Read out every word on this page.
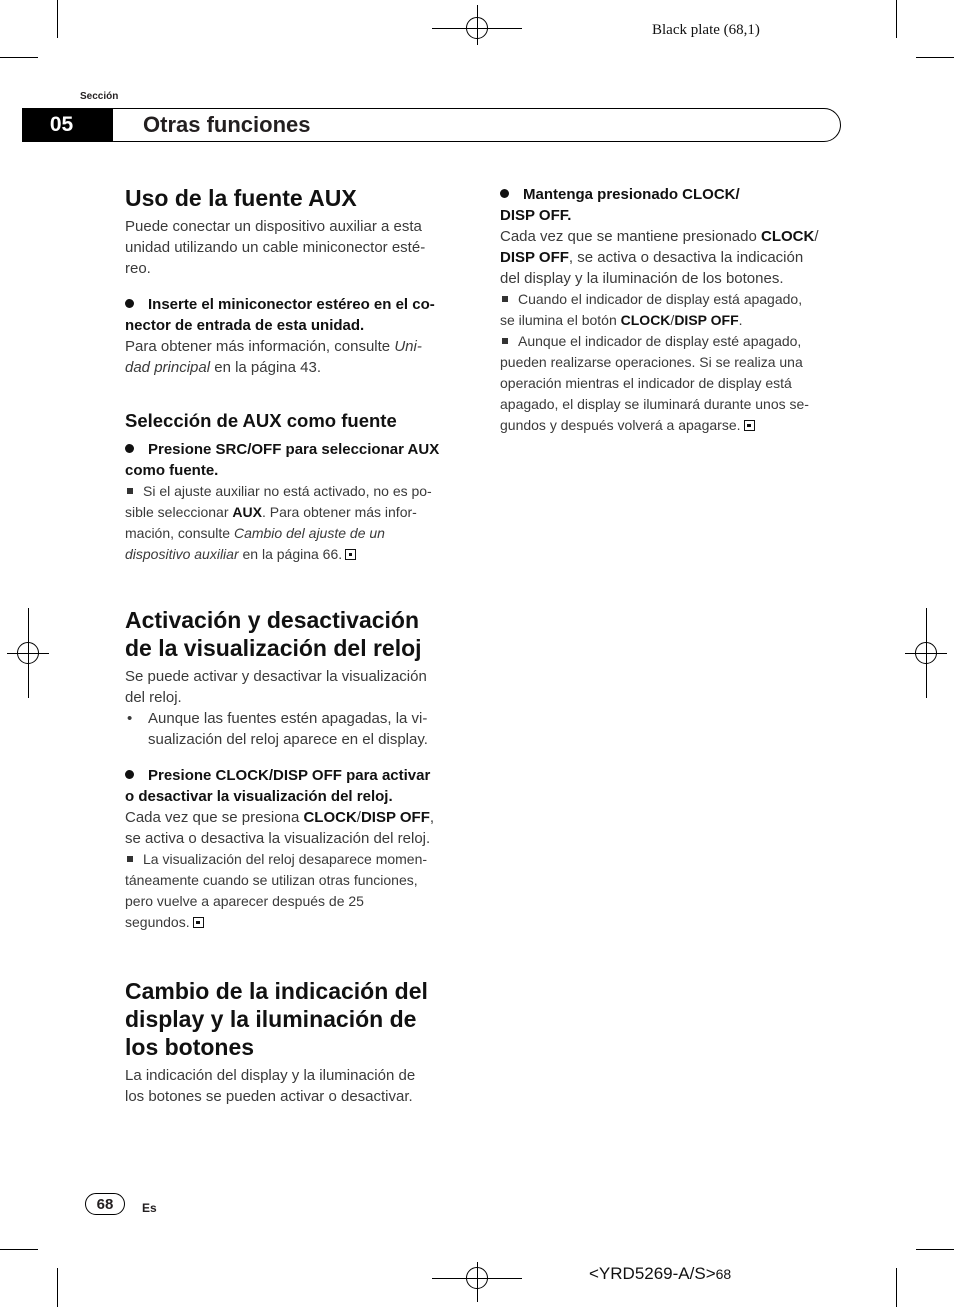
Black plate (68,1)
Sección
05	Otras funciones
Uso de la fuente AUX

Puede conectar un dispositivo auxiliar a esta

unidad utilizando un cable miniconector esté-

reo.

Inserte el miniconector estéreo en el co-

nector de entrada de esta unidad.

Para obtener más información, consulte Uni-

dad principal en la página 43.

Selección de AUX como fuente

Presione SRC/OFF para seleccionar AUX

como fuente.

Si el ajuste auxiliar no está activado, no es po-

sible seleccionar AUX. Para obtener más infor-

mación, consulte Cambio del ajuste de un

dispositivo auxiliar en la página 66.

Activación y desactivación
de la visualización del reloj

Se puede activar y desactivar la visualización

del reloj.

• Aunque las fuentes estén apagadas, la vi-

sualización del reloj aparece en el display.

Presione CLOCK/DISP OFF para activar

o desactivar la visualización del reloj.

Cada vez que se presiona CLOCK/DISP OFF,

se activa o desactiva la visualización del reloj.

La visualización del reloj desaparece momen-

táneamente cuando se utilizan otras funciones,

pero vuelve a aparecer después de 25

segundos.

Cambio de la indicación del
display y la iluminación de
los botones

La indicación del display y la iluminación de

los botones se pueden activar o desactivar.

Mantenga presionado CLOCK/

DISP OFF.

Cada vez que se mantiene presionado CLOCK/

DISP OFF, se activa o desactiva la indicación

del display y la iluminación de los botones.

Cuando el indicador de display está apagado,

se ilumina el botón CLOCK/DISP OFF.

Aunque el indicador de display esté apagado,

pueden realizarse operaciones. Si se realiza una

operación mientras el indicador de display está

apagado, el display se iluminará durante unos se-

gundos y después volverá a apagarse.

68	Es
<YRD5269-A/S>68
